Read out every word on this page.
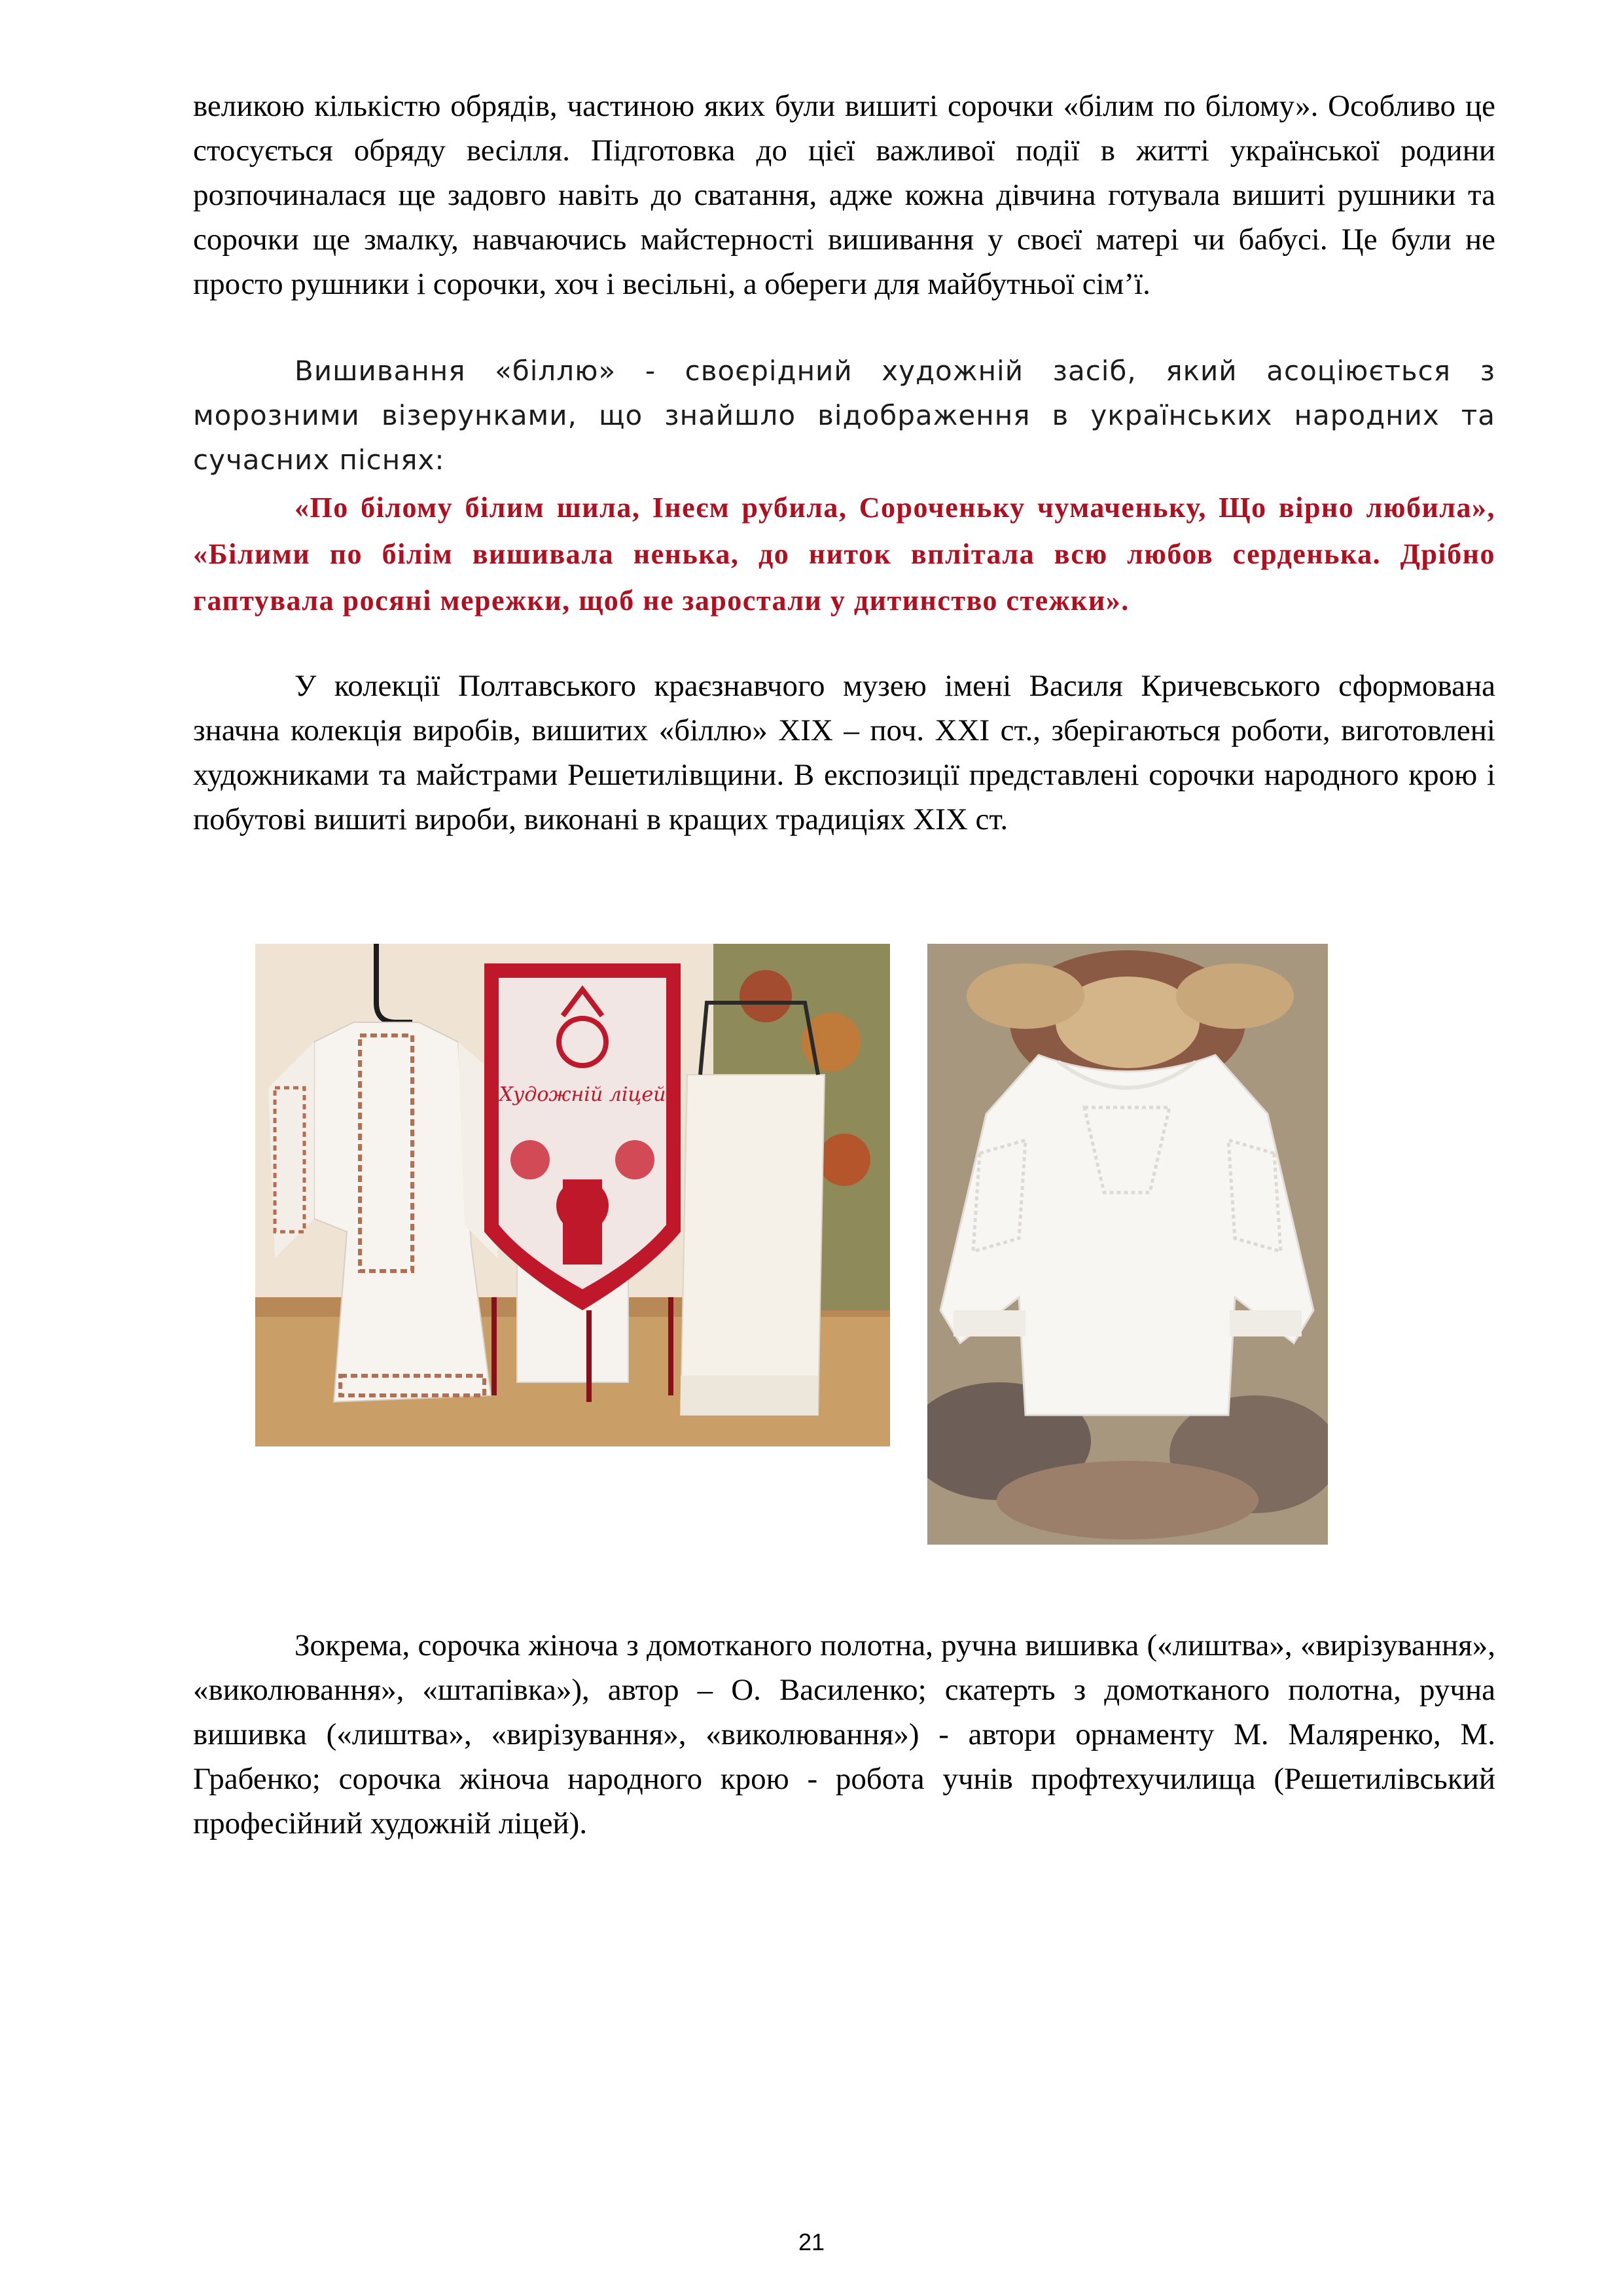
великою кількістю обрядів, частиною яких були вишиті сорочки «білим по білому». Особливо це стосується обряду весілля. Підготовка до цієї важливої події в житті української родини розпочиналася ще задовго навіть до сватання, адже кожна дівчина готувала вишиті рушники та сорочки ще змалку, навчаючись майстерності вишивання у своєї матері чи бабусі. Це були не просто рушники і сорочки, хоч і весільні, а обереги для майбутньої сім’ї.

Вишивання «біллю» - своєрідний художній засіб, який асоціюється з морозними візерунками, що знайшло відображення в українських народних та сучасних піснях:

«По білому білим шила, Інеєм рубила, Сороченьку чумаченьку, Що вірно любила», «Білими по білім вишивала ненька, до ниток вплітала всю любов серденька. Дрібно гаптувала росяні мережки, щоб не заростали у дитинство стежки».

У колекції Полтавського краєзнавчого музею імені Василя Кричевського сформована значна колекція виробів, вишитих «біллю» XIX – поч. XXI ст., зберігаються роботи, виготовлені художниками та майстрами Решетилівщини. В експозиції представлені сорочки народного крою і побутові вишиті вироби, виконані в кращих традиціях XIX ст.

Художній ліцей

Зокрема, сорочка жіноча з домотканого полотна, ручна вишивка («лиштва», «вирізування», «виколювання», «штапівка»), автор – О. Василенко; скатерть з домотканого полотна, ручна вишивка («лиштва», «вирізування», «виколювання») - автори орнаменту М. Маляренко, М. Грабенко; сорочка жіноча народного крою - робота учнів профтехучилища (Решетилівський професійний художній ліцей).

21
